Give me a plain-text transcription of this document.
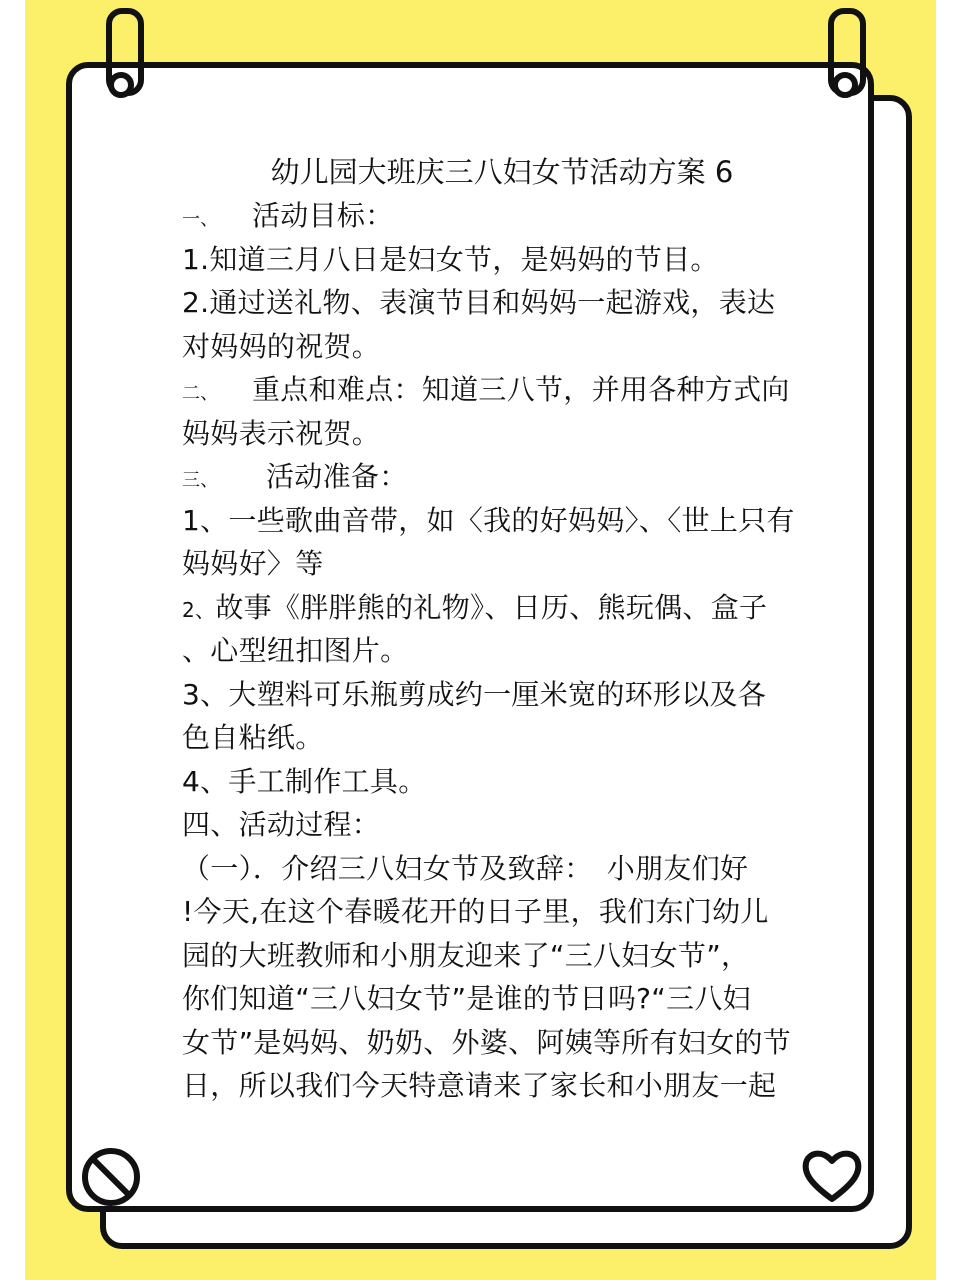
幼儿园大班庆三八妇女节活动方案 6
一、 活动目标：
1.知道三月八日是妇女节，是妈妈的节目。
2.通过送礼物、表演节目和妈妈一起游戏，表达
对妈妈的祝贺。
二、 重点和难点：知道三八节，并用各种方式向
妈妈表示祝贺。
三、 活动准备：
1、一些歌曲音带，如〈我的好妈妈〉、〈世上只有
妈妈好〉等
2、故事《胖胖熊的礼物》、日历、熊玩偶、盒子
、心型纽扣图片。
3、大塑料可乐瓶剪成约一厘米宽的环形以及各
色自粘纸。
4、手工制作工具。
四、活动过程：
（一）．介绍三八妇女节及致辞：　小朋友们好
!今天,在这个春暖花开的日子里，我们东门幼儿
园的大班教师和小朋友迎来了“三八妇女节”，
你们知道“三八妇女节”是谁的节日吗?“三八妇
女节”是妈妈、奶奶、外婆、阿姨等所有妇女的节
日，所以我们今天特意请来了家长和小朋友一起
